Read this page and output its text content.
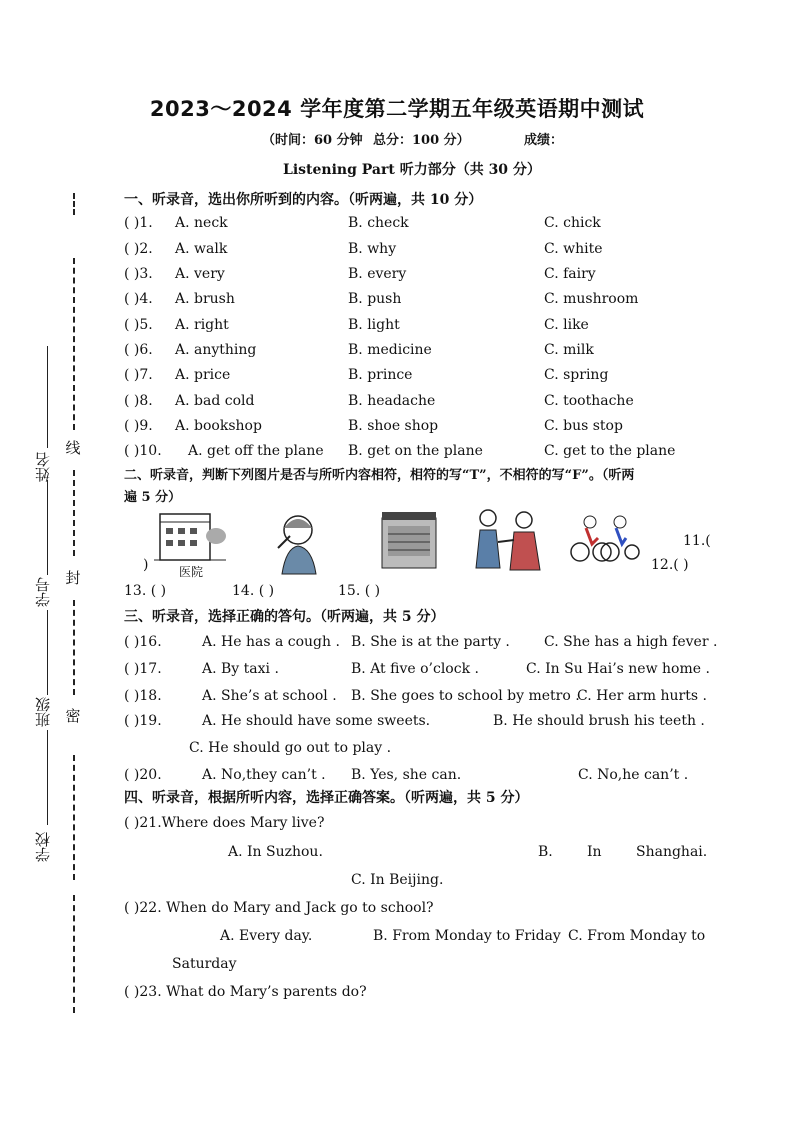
2023～2024 学年度第二学期五年级英语期中测试
（时间：60 分钟 总分：100 分）	成绩：
Listening Part 听力部分（共 30 分）
线
封
密
姓名
学号
班级
学校
一、听录音，选出你所听到的内容。（听两遍，共 10 分）
( )1. A. neck	B. check	C. chick
( )2. A. walk	B. why	C. white
( )3. A. very	B. every	C. fairy
( )4. A. brush	B. push	C. mushroom
( )5. A. right	B. light	C. like
( )6. A. anything	B. medicine	C. milk
( )7. A. price	B. prince	C. spring
( )8. A. bad cold	B. headache	C. toothache
( )9. A. bookshop	B. shoe shop	C. bus stop
( )10. A. get off the plane B. get on the plane	C. get to the plane
二、听录音，判断下列图片是否与所听内容相符，相符的写“T”，不相符的写“F”。（听两
遍 5 分）
医院
)
11.(
12.( )
13. ( )	14. ( )	15. ( )
三、听录音，选择正确的答句。（听两遍，共 5 分）
( )16.	A. He has a cough . B. She is at the party . C. She has a high fever .
( )17.	A. By taxi .	B. At five o’clock .	C. In Su Hai’s new home .
( )18.	A. She’s at school . B. She goes to school by metro .
C. Her arm hurts .
( )19.	A. He should have some sweets.	B. He should brush his teeth .
C. He should go out to play .
( )20.	A. No,they can’t . B. Yes, she can.	C. No,he can’t .
四、听录音，根据所听内容，选择正确答案。（听两遍，共 5 分）
( )21.Where does Mary live?
A. In Suzhou.	B. In Shanghai.
C. In Beijing.
( )22. When do Mary and Jack go to school?
A. Every day.	B. From Monday to Friday C. From Monday to
Saturday
( )23. What do Mary’s parents do?
